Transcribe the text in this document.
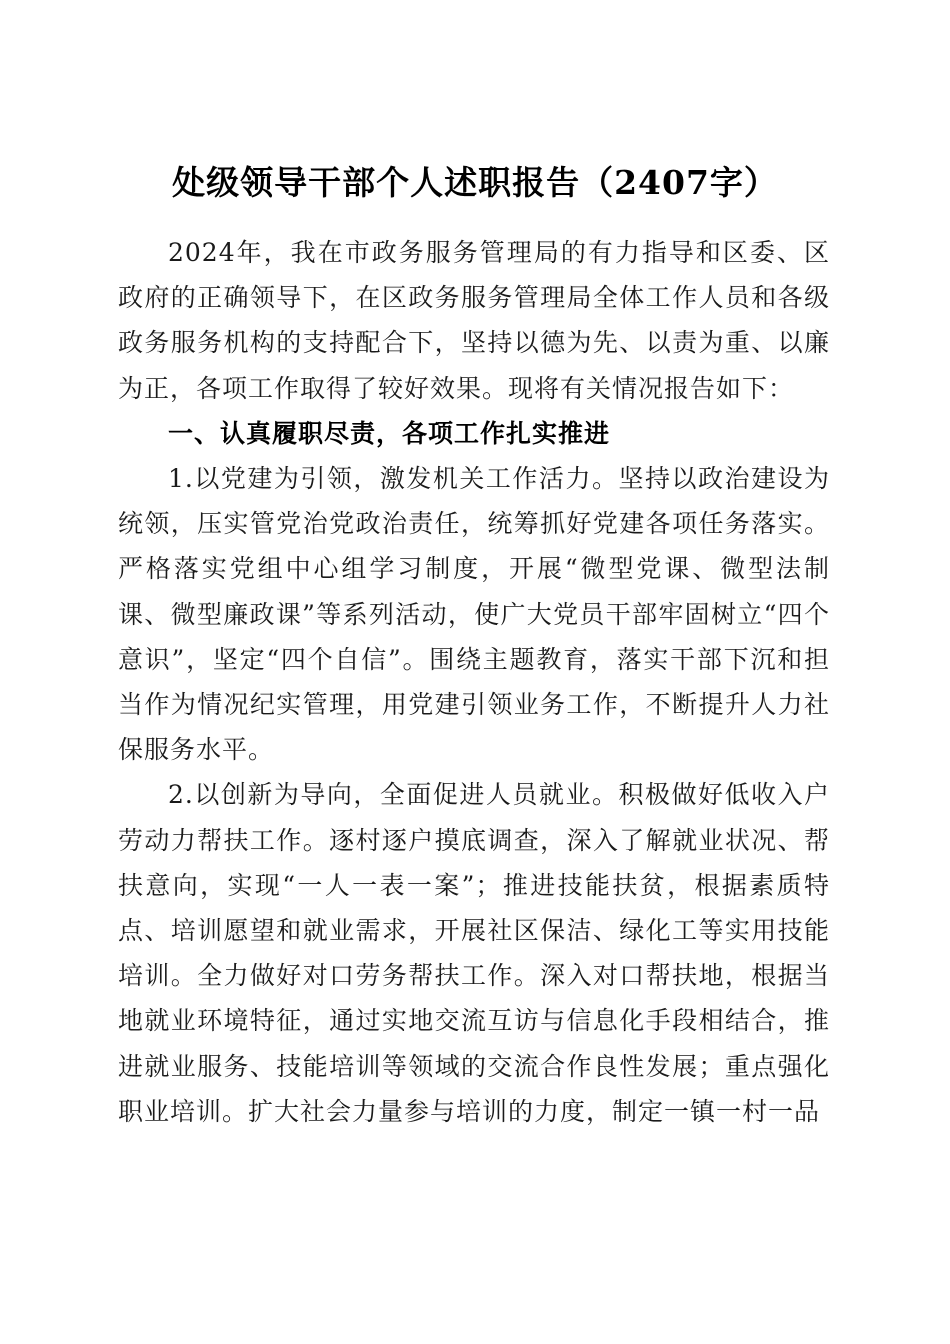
处级领导干部个人述职报告（2407字）

2024年，我在市政务服务管理局的有力指导和区委、区政府的正确领导下，在区政务服务管理局全体工作人员和各级政务服务机构的支持配合下，坚持以德为先、以责为重、以廉为正，各项工作取得了较好效果。现将有关情况报告如下：

一、认真履职尽责，各项工作扎实推进

1.以党建为引领，激发机关工作活力。坚持以政治建设为统领，压实管党治党政治责任，统筹抓好党建各项任务落实。严格落实党组中心组学习制度，开展“微型党课、微型法制课、微型廉政课”等系列活动，使广大党员干部牢固树立“四个意识”，坚定“四个自信”。围绕主题教育，落实干部下沉和担当作为情况纪实管理，用党建引领业务工作，不断提升人力社保服务水平。

2.以创新为导向，全面促进人员就业。积极做好低收入户劳动力帮扶工作。逐村逐户摸底调查，深入了解就业状况、帮扶意向，实现“一人一表一案”；推进技能扶贫，根据素质特点、培训愿望和就业需求，开展社区保洁、绿化工等实用技能培训。全力做好对口劳务帮扶工作。深入对口帮扶地，根据当地就业环境特征，通过实地交流互访与信息化手段相结合，推进就业服务、技能培训等领域的交流合作良性发展；重点强化职业培训。扩大社会力量参与培训的力度，制定一镇一村一品
